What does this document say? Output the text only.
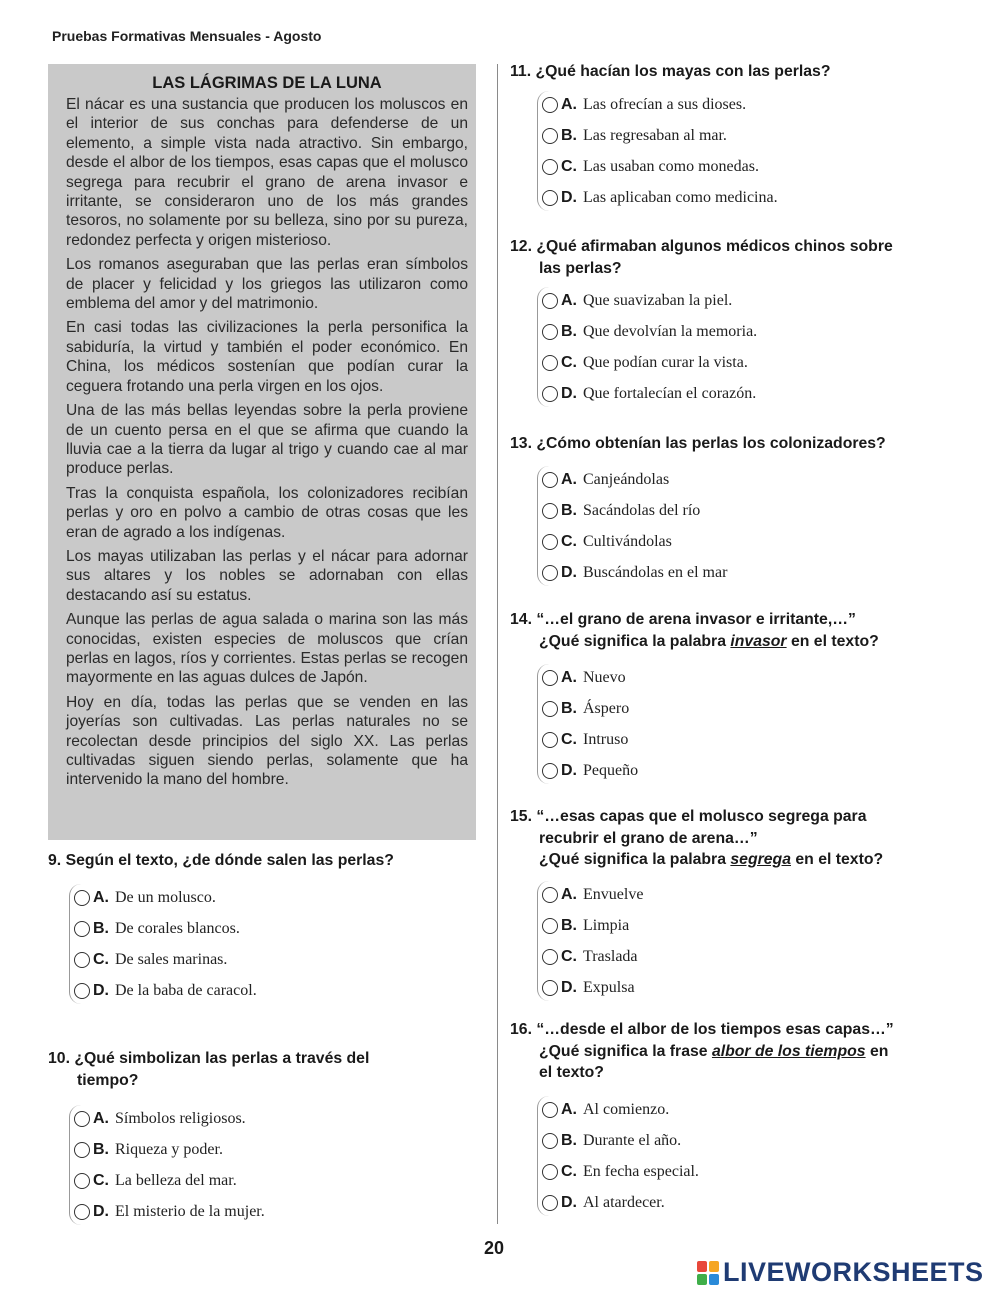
Pruebas Formativas Mensuales - Agosto
LAS LÁGRIMAS DE LA LUNA

El nácar es una sustancia que producen los moluscos en el interior de sus conchas para defenderse de un elemento, a simple vista nada atractivo. Sin embargo, desde el albor de los tiempos, esas capas que el molusco segrega para recubrir el grano de arena invasor e irritante, se consideraron uno de los más grandes tesoros, no solamente por su belleza, sino por su pureza, redondez perfecta y origen misterioso.

Los romanos aseguraban que las perlas eran símbolos de placer y felicidad y los griegos las utilizaron como emblema del amor y del matrimonio.

En casi todas las civilizaciones la perla personifica la sabiduría, la virtud y también el poder económico. En China, los médicos sostenían que podían curar la ceguera frotando una perla virgen en los ojos.

Una de las más bellas leyendas sobre la perla proviene de un cuento persa en el que se afirma que cuando la lluvia cae a la tierra da lugar al trigo y cuando cae al mar produce perlas.

Tras la conquista española, los colonizadores recibían perlas y oro en polvo a cambio de otras cosas que les eran de agrado a los indígenas.

Los mayas utilizaban las perlas y el nácar para adornar sus altares y los nobles se adornaban con ellas destacando así su estatus.

Aunque las perlas de agua salada o marina son las más conocidas, existen especies de moluscos que crían perlas en lagos, ríos y corrientes. Estas perlas se recogen mayormente en las aguas dulces de Japón.

Hoy en día, todas las perlas que se venden en las joyerías son cultivadas. Las perlas naturales no se recolectan desde principios del siglo XX. Las perlas cultivadas siguen siendo perlas, solamente que ha intervenido la mano del hombre.

9. Según el texto, ¿de dónde salen las perlas?
A. De un molusco.
B. De corales blancos.
C. De sales marinas.
D. De la baba de caracol.
10. ¿Qué simbolizan las perlas a través del
tiempo?
A. Símbolos religiosos.
B. Riqueza y poder.
C. La belleza del mar.
D. El misterio de la mujer.
11. ¿Qué hacían los mayas con las perlas?
A. Las ofrecían a sus dioses.
B. Las regresaban al mar.
C. Las usaban como monedas.
D. Las aplicaban como medicina.
12. ¿Qué afirmaban algunos médicos chinos sobre
las perlas?
A. Que suavizaban la piel.
B. Que devolvían la memoria.
C. Que podían curar la vista.
D. Que fortalecían el corazón.
13. ¿Cómo obtenían las perlas los colonizadores?
A. Canjeándolas
B. Sacándolas del río
C. Cultivándolas
D. Buscándolas en el mar
14. “…el grano de arena invasor e irritante,…”
¿Qué significa la palabra invasor en el texto?
A. Nuevo
B. Áspero
C. Intruso
D. Pequeño
15. “…esas capas que el molusco segrega para
recubrir el grano de arena…”
¿Qué significa la palabra segrega en el texto?
A. Envuelve
B. Limpia
C. Traslada
D. Expulsa
16. “…desde el albor de los tiempos esas capas…”
¿Qué significa la frase albor de los tiempos en
el texto?
A. Al comienzo.
B. Durante el año.
C. En fecha especial.
D. Al atardecer.
20
LIVEWORKSHEETS
